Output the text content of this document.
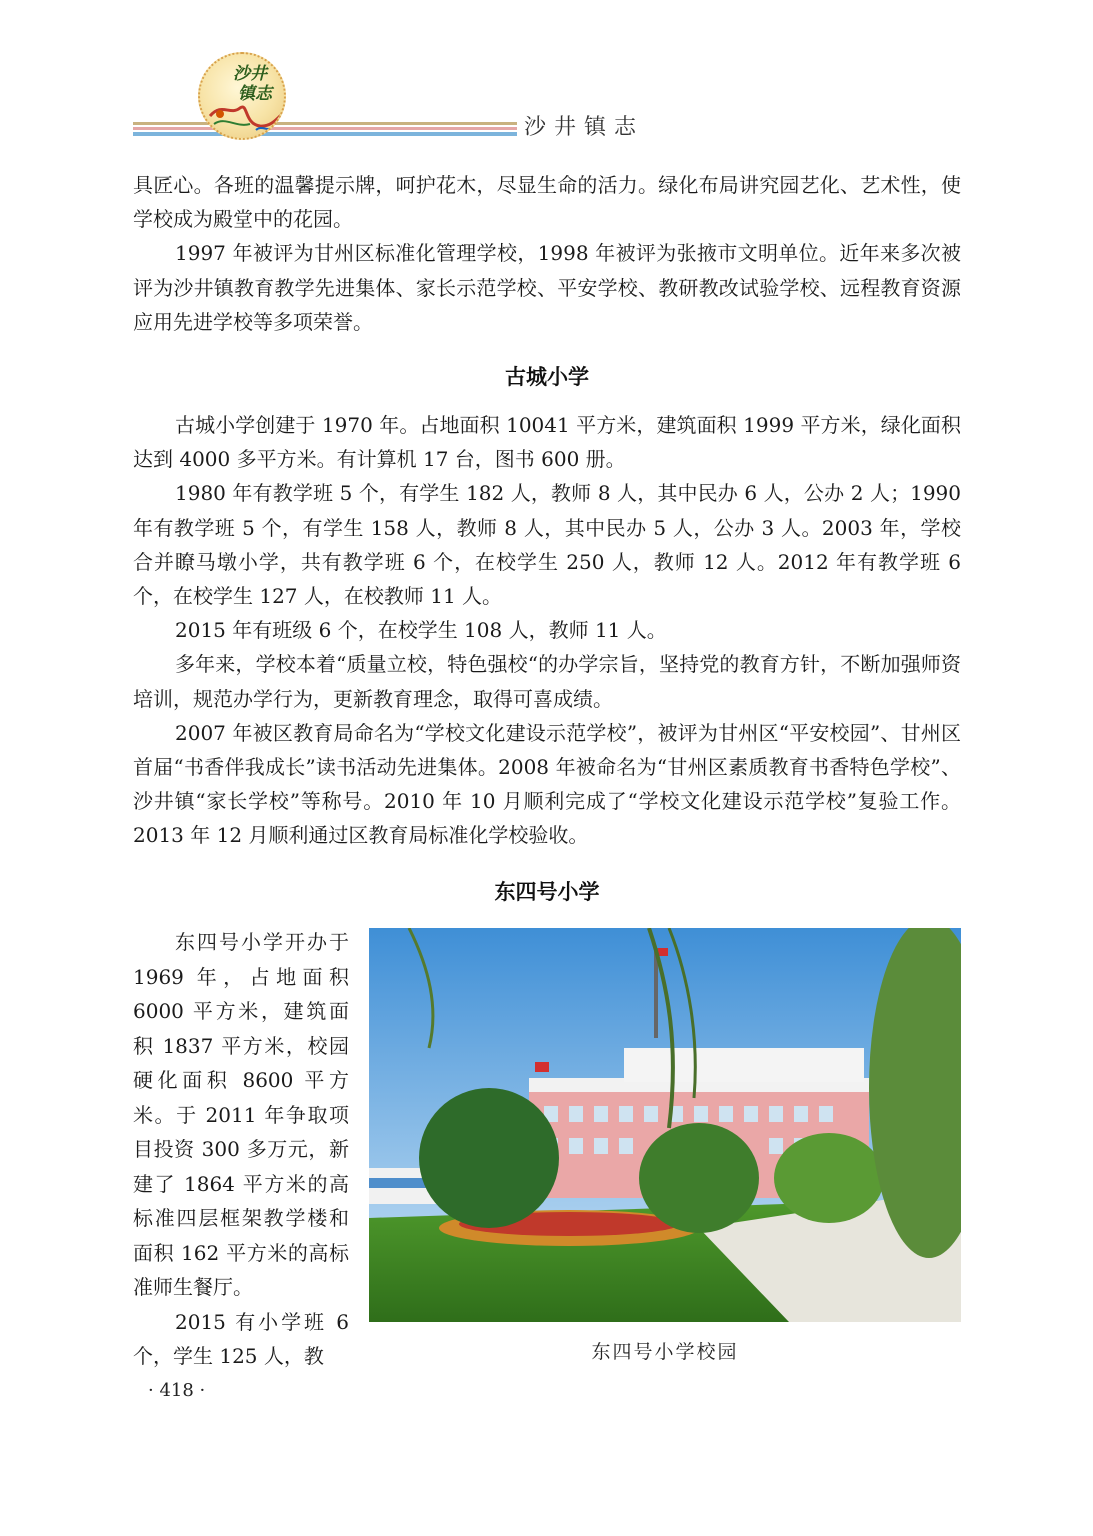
沙井
镇志
沙井镇志

具匠心。各班的温馨提示牌，呵护花木，尽显生命的活力。绿化布局讲究园艺化、艺术性，使学校成为殿堂中的花园。

1997 年被评为甘州区标准化管理学校，1998 年被评为张掖市文明单位。近年来多次被评为沙井镇教育教学先进集体、家长示范学校、平安学校、教研教改试验学校、远程教育资源应用先进学校等多项荣誉。

古城小学

古城小学创建于 1970 年。占地面积 10041 平方米，建筑面积 1999 平方米，绿化面积达到 4000 多平方米。有计算机 17 台，图书 600 册。

1980 年有教学班 5 个，有学生 182 人，教师 8 人，其中民办 6 人，公办 2 人；1990 年有教学班 5 个，有学生 158 人，教师 8 人，其中民办 5 人，公办 3 人。2003 年，学校合并瞭马墩小学，共有教学班 6 个，在校学生 250 人，教师 12 人。2012 年有教学班 6 个，在校学生 127 人，在校教师 11 人。

2015 年有班级 6 个，在校学生 108 人，教师 11 人。

多年来，学校本着“质量立校，特色强校“的办学宗旨，坚持党的教育方针，不断加强师资培训，规范办学行为，更新教育理念，取得可喜成绩。

2007 年被区教育局命名为“学校文化建设示范学校”，被评为甘州区“平安校园”、甘州区首届“书香伴我成长”读书活动先进集体。2008 年被命名为“甘州区素质教育书香特色学校”、沙井镇“家长学校”等称号。2010 年 10 月顺利完成了“学校文化建设示范学校”复验工作。2013 年 12 月顺利通过区教育局标准化学校验收。

东四号小学

东四号小学开办于 1969 年，占地面积 6000 平方米，建筑面积 1837 平方米，校园硬化面积 8600 平方米。于 2011 年争取项目投资 300 多万元，新建了 1864 平方米的高标准四层框架教学楼和面积 162 平方米的高标准师生餐厅。

2015 有小学班 6 个，学生 125 人，教	东四号小学校园
· 418 ·
